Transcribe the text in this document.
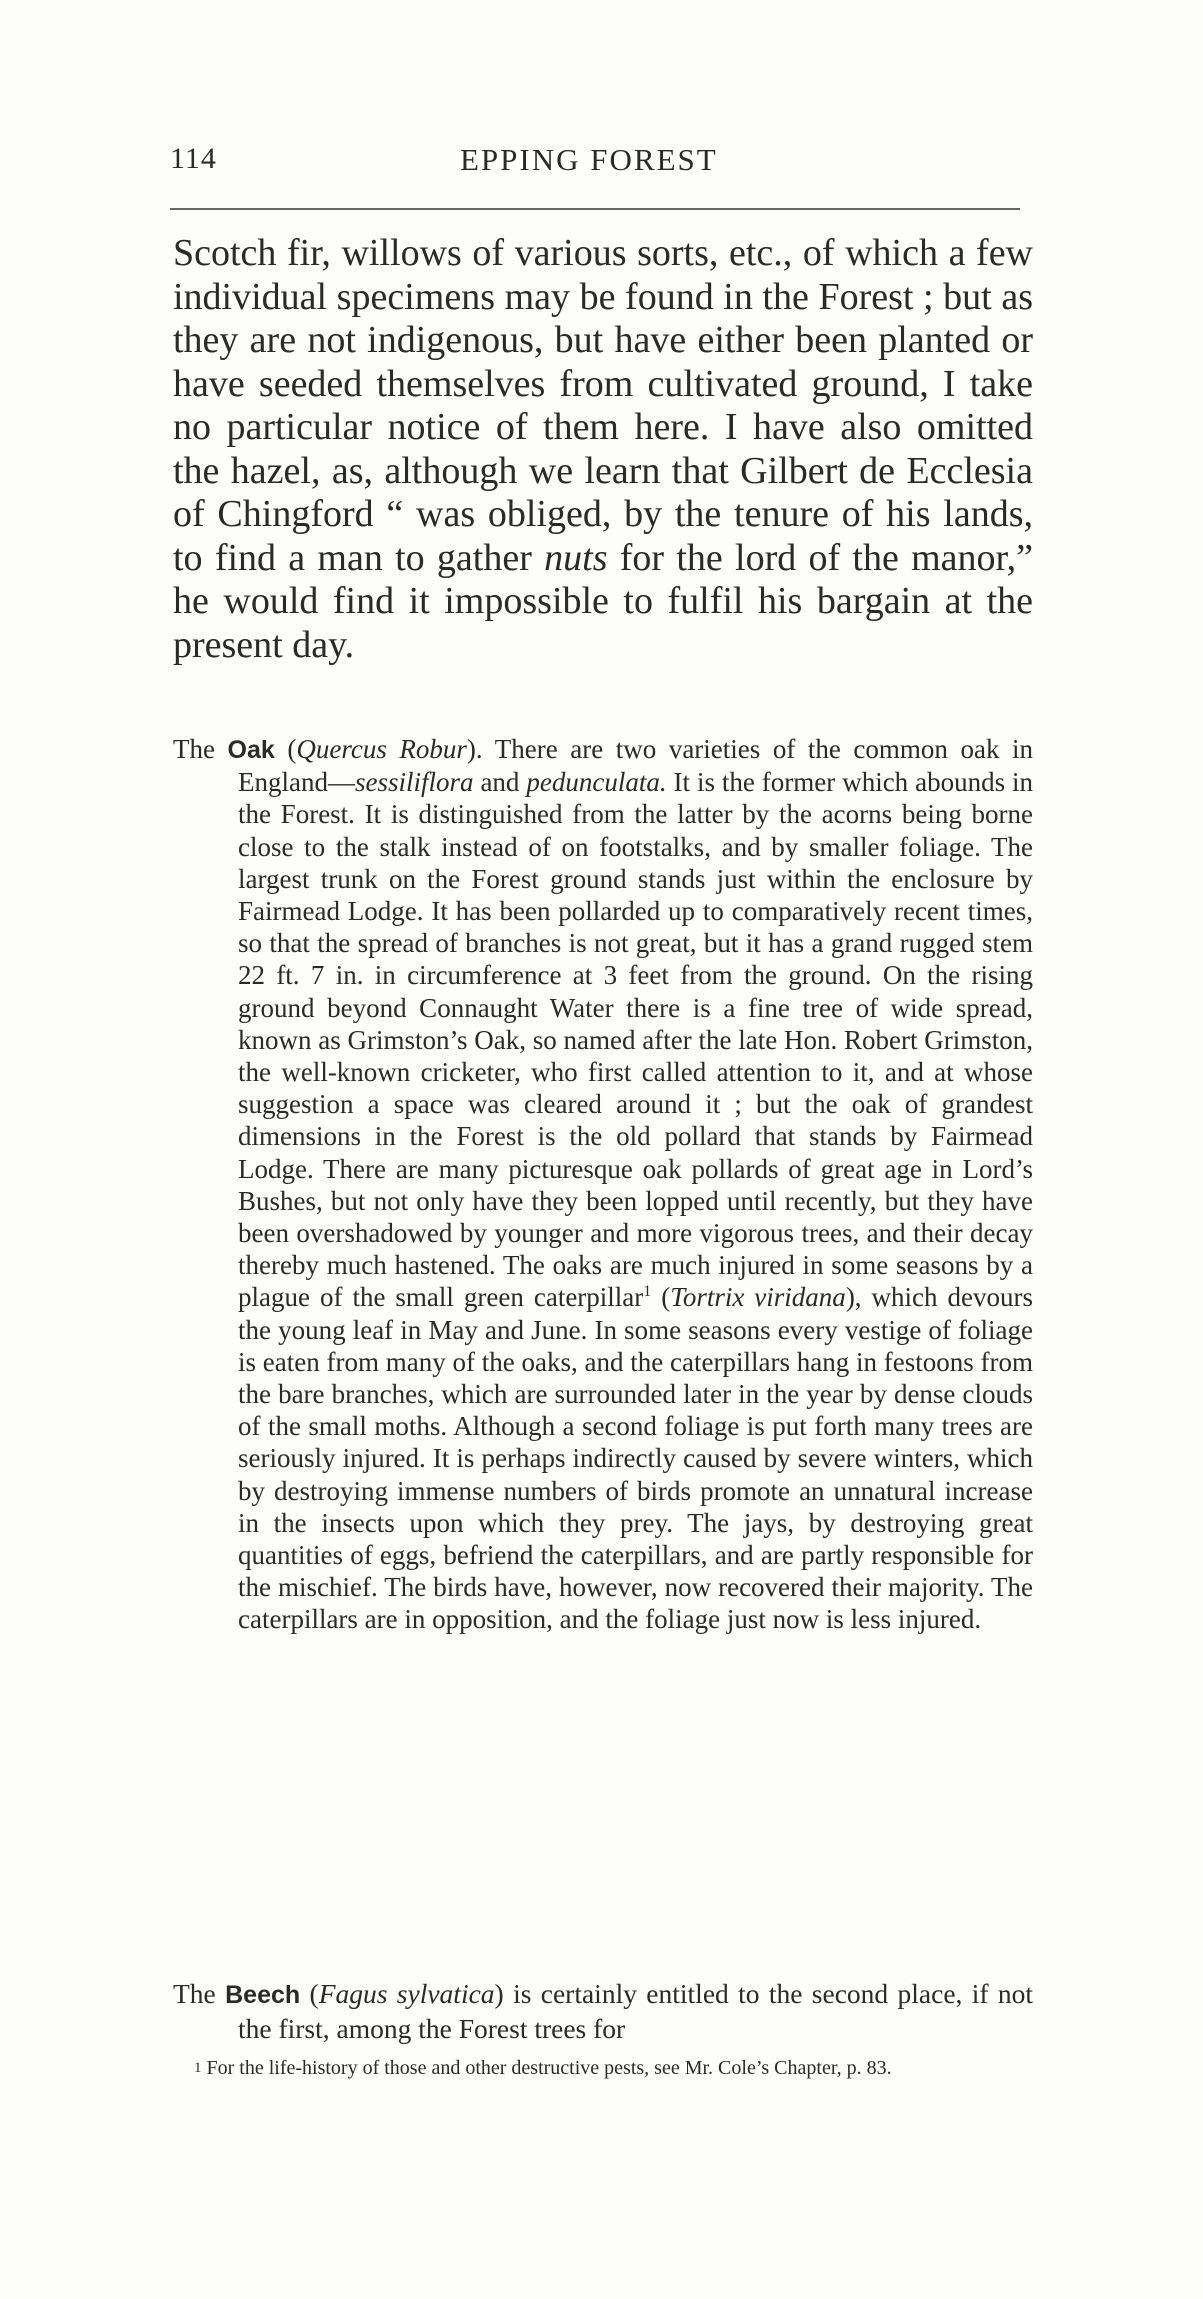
114	EPPING FOREST

Scotch fir, willows of various sorts, etc., of which a few individual specimens may be found in the Forest ; but as they are not indigenous, but have either been planted or have seeded themselves from cultivated ground, I take no particular notice of them here. I have also omitted the hazel, as, although we learn that Gilbert de Ecclesia of Chingford “ was obliged, by the tenure of his lands, to find a man to gather nuts for the lord of the manor,” he would find it impossible to fulfil his bargain at the present day.

The Oak (Quercus Robur). There are two varieties of the common oak in England—sessiliflora and pedunculata. It is the former which abounds in the Forest. It is distinguished from the latter by the acorns being borne close to the stalk instead of on footstalks, and by smaller foliage. The largest trunk on the Forest ground stands just within the enclosure by Fairmead Lodge. It has been pollarded up to comparatively recent times, so that the spread of branches is not great, but it has a grand rugged stem 22 ft. 7 in. in circumference at 3 feet from the ground. On the rising ground beyond Connaught Water there is a fine tree of wide spread, known as Grimston’s Oak, so named after the late Hon. Robert Grimston, the well-known cricketer, who first called attention to it, and at whose suggestion a space was cleared around it ; but the oak of grandest dimensions in the Forest is the old pollard that stands by Fairmead Lodge. There are many picturesque oak pollards of great age in Lord’s Bushes, but not only have they been lopped until recently, but they have been overshadowed by younger and more vigorous trees, and their decay thereby much hastened. The oaks are much injured in some seasons by a plague of the small green caterpillar$^1$ (Tortrix viridana), which devours the young leaf in May and June. In some seasons every vestige of foliage is eaten from many of the oaks, and the caterpillars hang in festoons from the bare branches, which are surrounded later in the year by dense clouds of the small moths. Although a second foliage is put forth many trees are seriously injured. It is perhaps indirectly caused by severe winters, which by destroying immense numbers of birds promote an unnatural increase in the insects upon which they prey. The jays, by destroying great quantities of eggs, befriend the caterpillars, and are partly responsible for the mischief. The birds have, however, now recovered their majority. The caterpillars are in opposition, and the foliage just now is less injured.

The Beech (Fagus sylvatica) is certainly entitled to the second place, if not the first, among the Forest trees for

$^1$ For the life-history of those and other destructive pests, see Mr. Cole’s Chapter, p. 83.
